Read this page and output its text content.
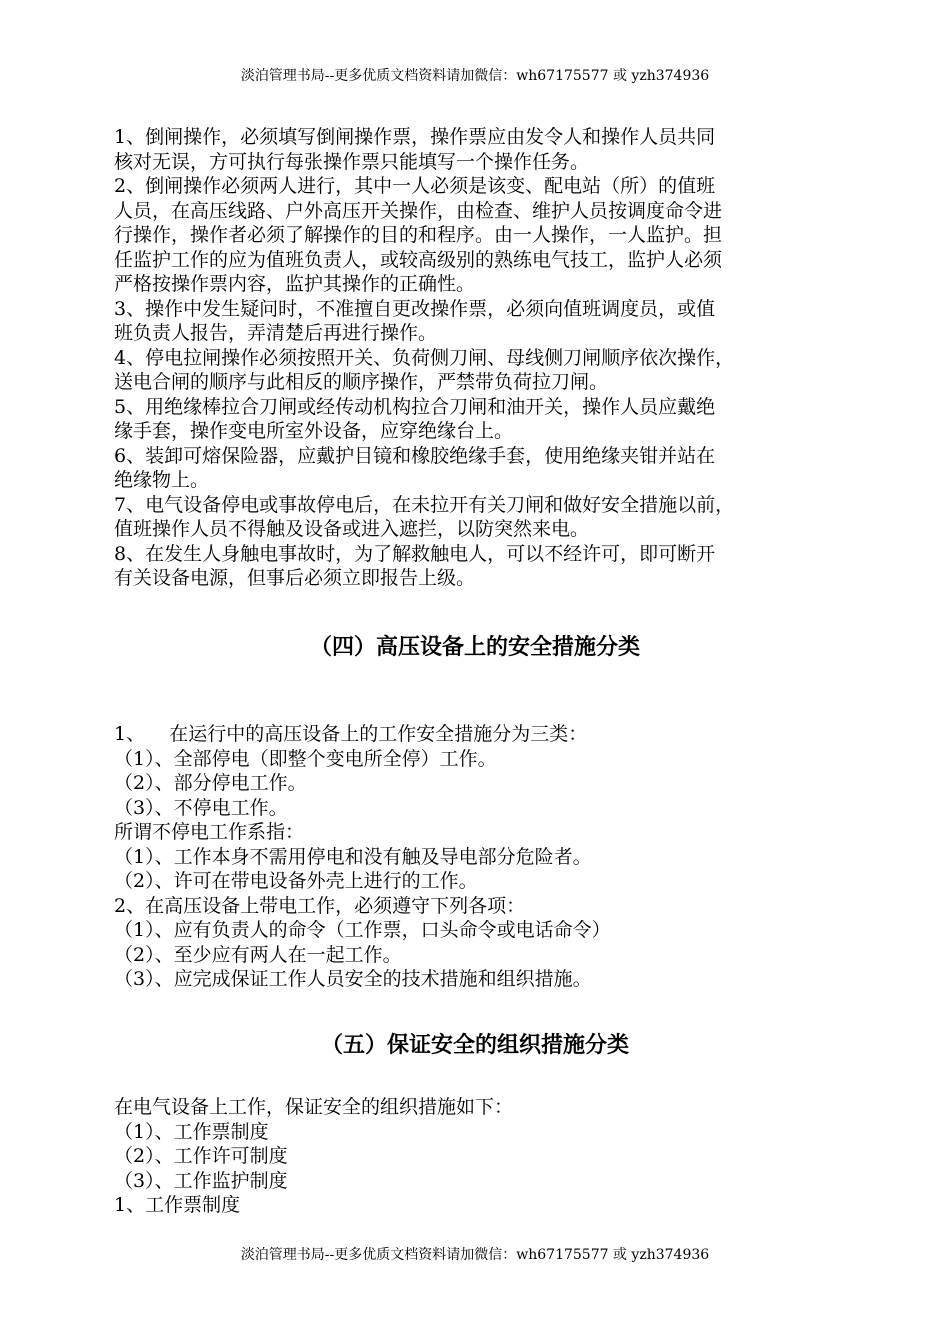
淡泊管理书局--更多优质文档资料请加微信：wh67175577 或 yzh374936

1、倒闸操作，必须填写倒闸操作票，操作票应由发令人和操作人员共同

核对无误，方可执行每张操作票只能填写一个操作任务。

2、倒闸操作必须两人进行，其中一人必须是该变、配电站（所）的值班

人员，在高压线路、户外高压开关操作，由检查、维护人员按调度命令进

行操作，操作者必须了解操作的目的和程序。由一人操作，一人监护。担

任监护工作的应为值班负责人，或较高级别的熟练电气技工，监护人必须

严格按操作票内容，监护其操作的正确性。

3、操作中发生疑问时，不准擅自更改操作票，必须向值班调度员，或值

班负责人报告，弄清楚后再进行操作。

4、停电拉闸操作必须按照开关、负荷侧刀闸、母线侧刀闸顺序依次操作，

送电合闸的顺序与此相反的顺序操作，严禁带负荷拉刀闸。

5、用绝缘棒拉合刀闸或经传动机构拉合刀闸和油开关，操作人员应戴绝

缘手套，操作变电所室外设备，应穿绝缘台上。

6、装卸可熔保险器，应戴护目镜和橡胶绝缘手套，使用绝缘夹钳并站在

绝缘物上。

7、电气设备停电或事故停电后，在未拉开有关刀闸和做好安全措施以前，

值班操作人员不得触及设备或进入遮拦，以防突然来电。

8、在发生人身触电事故时，为了解救触电人，可以不经许可，即可断开

有关设备电源，但事后必须立即报告上级。

（四）高压设备上的安全措施分类

1、    在运行中的高压设备上的工作安全措施分为三类：

（1）、全部停电（即整个变电所全停）工作。

（2）、部分停电工作。

（3）、不停电工作。

所谓不停电工作系指：

（1）、工作本身不需用停电和没有触及导电部分危险者。

（2）、许可在带电设备外壳上进行的工作。

2、在高压设备上带电工作，必须遵守下列各项：

（1）、应有负责人的命令（工作票，口头命令或电话命令）

（2）、至少应有两人在一起工作。

（3）、应完成保证工作人员安全的技术措施和组织措施。

（五）保证安全的组织措施分类

在电气设备上工作，保证安全的组织措施如下：

（1）、工作票制度

（2）、工作许可制度

（3）、工作监护制度

1、工作票制度

淡泊管理书局--更多优质文档资料请加微信：wh67175577 或 yzh374936
